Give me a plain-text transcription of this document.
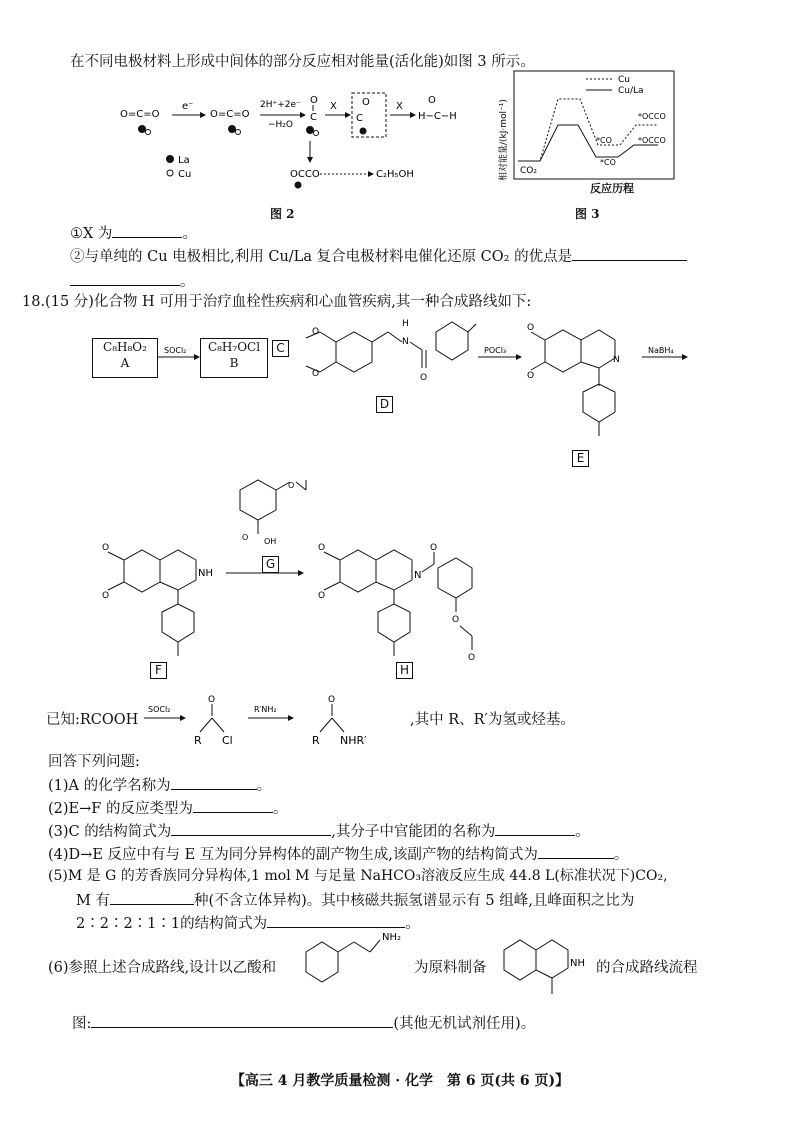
在不同电极材料上形成中间体的部分反应相对能量(活化能)如图 3 所示。
O=C=O
e⁻
O=C=O
2H⁺+2e⁻
−H₂O
O
C
X	O
C
X
O
H−C−H
OCCO	C₂H₅OH
La
Cu
图 2
相对能量/(kJ·mol⁻¹)
Cu
Cu/La
CO₂
*CO
*CO
*OCCO
*OCCO
反应历程
图 3
①X 为	。
②与单纯的 Cu 电极相比,利用 Cu/La 复合电极材料电催化还原 CO₂ 的优点是
。
18.(15 分)化合物 H 可用于治疗血栓性疾病和心血管疾病,其一种合成路线如下:
C₈H₈O₂
A
SOCl₂	C₈H₇OCl
B
C
O
O
N
H
O
D
POCl₃
N
O
O
NaBH₄
E
O
O OH
G
NH
O
O
F
N
O
O
O
O
O
H
已知:RCOOH
SOCl₂
O
R Cl
R′NH₂
O
R NHR′
,其中 R、R′为氢或烃基。
回答下列问题:
(1)A 的化学名称为	。
(2)E→F 的反应类型为	。
(3)C 的结构简式为	,其分子中官能团的名称为	。
(4)D→E 反应中有与 E 互为同分异构体的副产物生成,该副产物的结构简式为	。
(5)M 是 G 的芳香族同分异构体,1 mol M 与足量 NaHCO₃溶液反应生成 44.8 L(标准状况下)CO₂,
M 有	种(不含立体异构)。其中核磁共振氢谱显示有 5 组峰,且峰面积之比为
2∶2∶2∶1∶1的结构简式为	。
(6)参照上述合成路线,设计以乙酸和
NH₂
为原料制备	NH 的合成路线流程
图:	(其他无机试剂任用)。
【高三 4 月教学质量检测 · 化学　第 6 页(共 6 页)】
